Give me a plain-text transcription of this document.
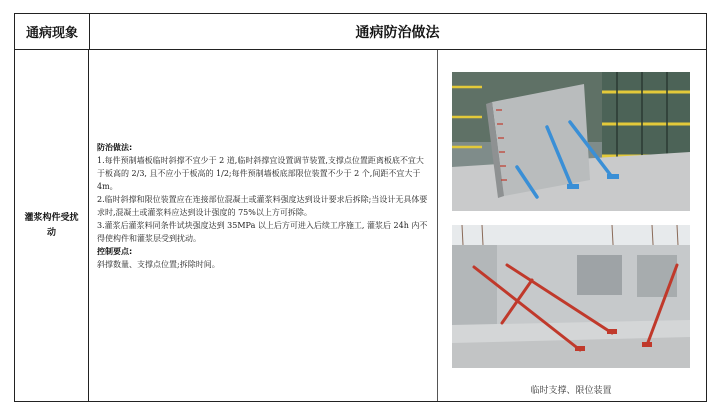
通病现象	通病防治做法
灌浆构件受扰动

防治做法:

1.每件预制墙板临时斜撑不宜少于 2 道,临时斜撑宜设置调节装置,支撑点位置距离板底不宜大于板高的 2/3, 且不应小于板高的 1/2;每件预制墙板底部限位装置不少于 2 个,间距不宜大于 4m。

2.临时斜撑和限位装置应在连接部位混凝土或灌浆料强度达到设计要求后拆除;当设计无具体要求时,混凝土或灌浆料应达到设计强度的 75%以上方可拆除。

3.灌浆后灌浆料同条件试块强度达到 35MPa 以上后方可进入后续工序施工, 灌浆后 24h 内不得使构件和灌浆层受到扰动。

控制要点:

斜撑数量、支撑点位置;拆除时间。

临时支撑、限位装置
